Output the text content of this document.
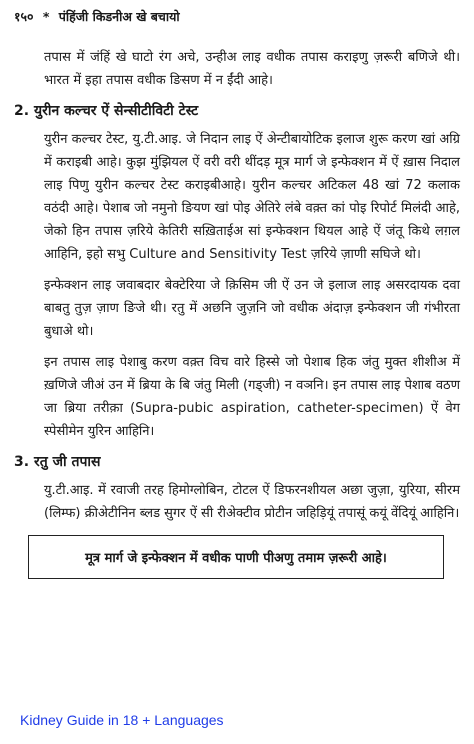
१५० * पंहिंजी किडनीअ खे बचायो

तपास में जंहिं खे घाटो रंग अचे, उन्हीअ लाइ वधीक तपास कराइणु ज़रूरी बणिजे थी। भारत में इहा तपास वधीक ङिसण में न ईंदी आहे।

2. युरीन कल्चर ऐं सेन्सीटीविटी टेस्ट

युरीन कल्चर टेस्ट, यु.टी.आइ. जे निदान लाइ ऐं अेन्टीबायोटिक इलाज शुरू करण खां अग्रि में कराइबी आहे। कुझ मुंझियल ऐं वरी वरी थींदड़ मूत्र मार्ग जे इन्फेक्शन में ऐं ख़ास निदाल लाइ पिणु युरीन कल्चर टेस्ट कराइबीआहे। युरीन कल्चर अटिकल 48 खां 72 कलाक वठंदी आहे। पेशाब जो नमुनो ङियण खां पोइ अेतिरे लंबे वक़्त कां पोइ रिपोर्ट मिलंदी आहे, जेको हिन तपास ज़रिये केतिरी सख़िताईअ सां इन्फेक्शन थियल आहे ऐं जंतू किथे लग़ल आहिनि, इहो सभु Culture and Sensitivity Test ज़रिये ज़ाणी सघिजे थो।

इन्फेक्शन लाइ जवाबदार बेक्टेरिया जे क़िसिम जी ऐं उन जे इलाज लाइ असरदायक दवा बाबतु तुज़ ज़ाण ङिजे थी। रतु में अछनि जुज़नि जो वधीक अंदाज़ इन्फेक्शन जी गंभीरता बुधाअे थो।

इन तपास लाइ पेशाबु करण वक़्त विच वारे हिस्से जो पेशाब हिक जंतु मुक्त शीशीअ में ख़णिजे जीअं उन में ब्रिया के बि जंतु मिली (गड्जी) न वञनि। इन तपास लाइ पेशाब वठण जा ब्रिया तरीक़ा (Supra-pubic aspiration, catheter-specimen) ऐं वेग स्पेसीमेन युरिन आहिनि।

3. रतु जी तपास

यु.टी.आइ. में रवाजी तरह हिमोग्लोबिन, टोटल ऐं डिफरनशीयल अछा जुज़ा, युरिया, सीरम (लिम्फ) क्रीअेटीनिन ब्लड सुगर ऐं सी रीअेक्टीव प्रोटीन जहिड़ियूं तपासूं कयूं वेंदियूं आहिनि।

मूत्र मार्ग जे इन्फेक्शन में वधीक पाणी पीअणु तमाम ज़रूरी आहे।
Kidney Guide in 18 + Languages
